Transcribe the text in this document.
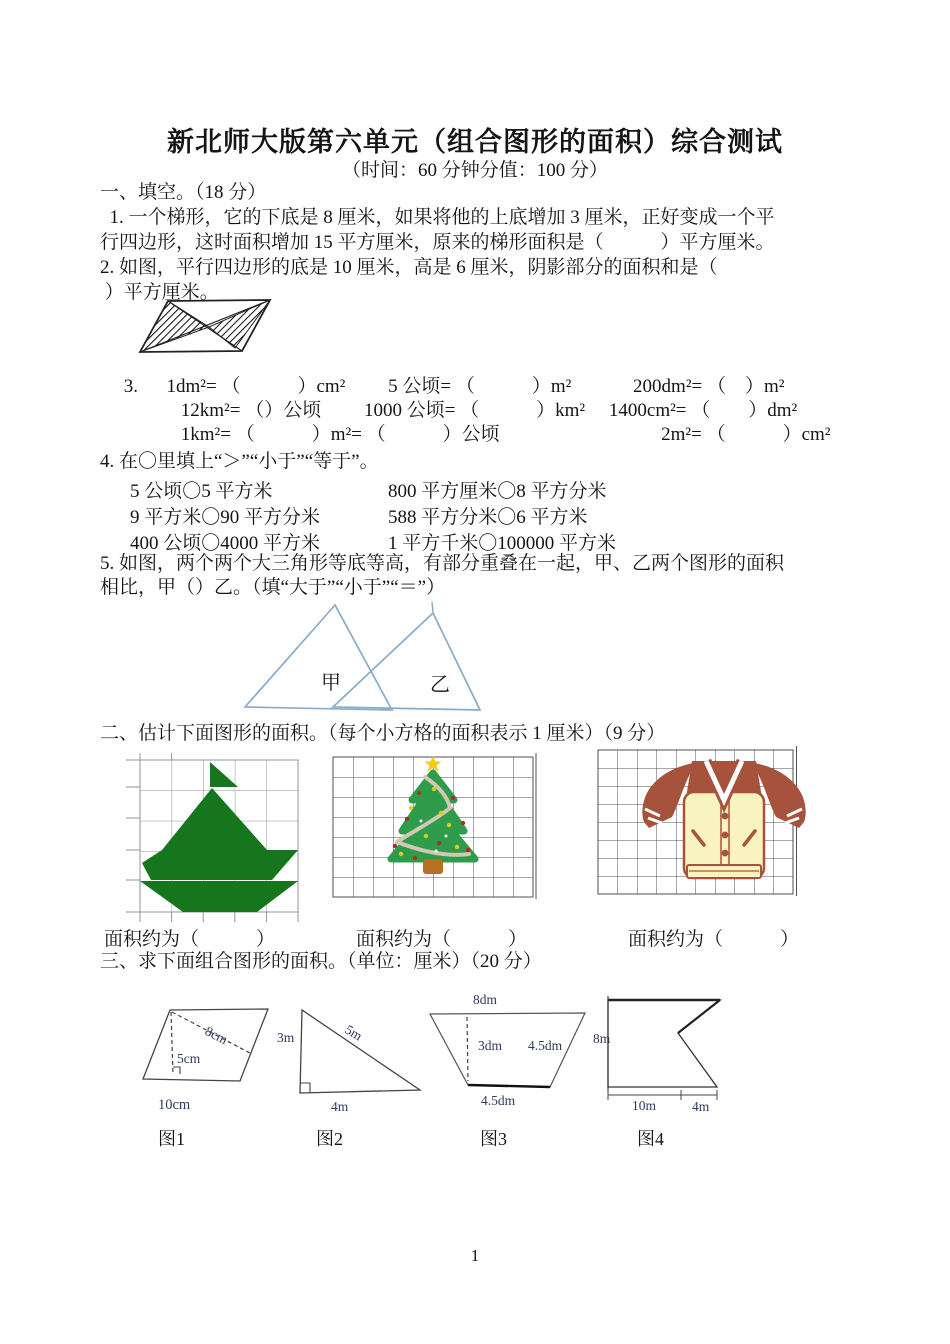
新北师大版第六单元（组合图形的面积）综合测试
（时间：60 分钟分值：100 分）
一、填空。（18 分）
1. 一个梯形，它的下底是 8 厘米，如果将他的上底增加 3 厘米，正好变成一个平
行四边形，这时面积增加 15 平方厘米，原来的梯形面积是（　　　）平方厘米。
2. 如图，平行四边形的底是 10 厘米，高是 6 厘米，阴影部分的面积和是（
）平方厘米。
　 3.　  1dm²= （　　　）cm²　　 5 公顷= （　　　）m²　　　 200dm²= （　）m²
　　　　 12km²= （）公顷　　 1000 公顷= （　　　）km²　 1400cm²= （　　）dm²
　　　　 1km²= （　　　）m²= （　　　）公顷　　　　　　　　  2m²= （　　　）cm²
4. 在〇里填上“＞”“小于”“等于”。
5 公顷〇5 平方米	800 平方厘米〇8 平方分米
9 平方米〇90 平方分米	588 平方分米〇6 平方米
400 公顷〇4000 平方米	1 平方千米〇100000 平方米
5. 如图，两个两个大三角形等底等高，有部分重叠在一起，甲、乙两个图形的面积
相比，甲（）乙。（填“大于”“小于”“＝”）
甲	乙
二、估计下面图形的面积。（每个小方格的面积表示 1 厘米）（9 分）
面积约为（　　　）	面积约为（　　　）	面积约为（　　　）
三、求下面组合图形的面积。（单位：厘米）（20 分）
8cm
5cm
10cm
3m	5m
4m
8dm
3dm 4.5dm
4.5dm
8m
10m	4m
图1	图2	图3	图4
1
